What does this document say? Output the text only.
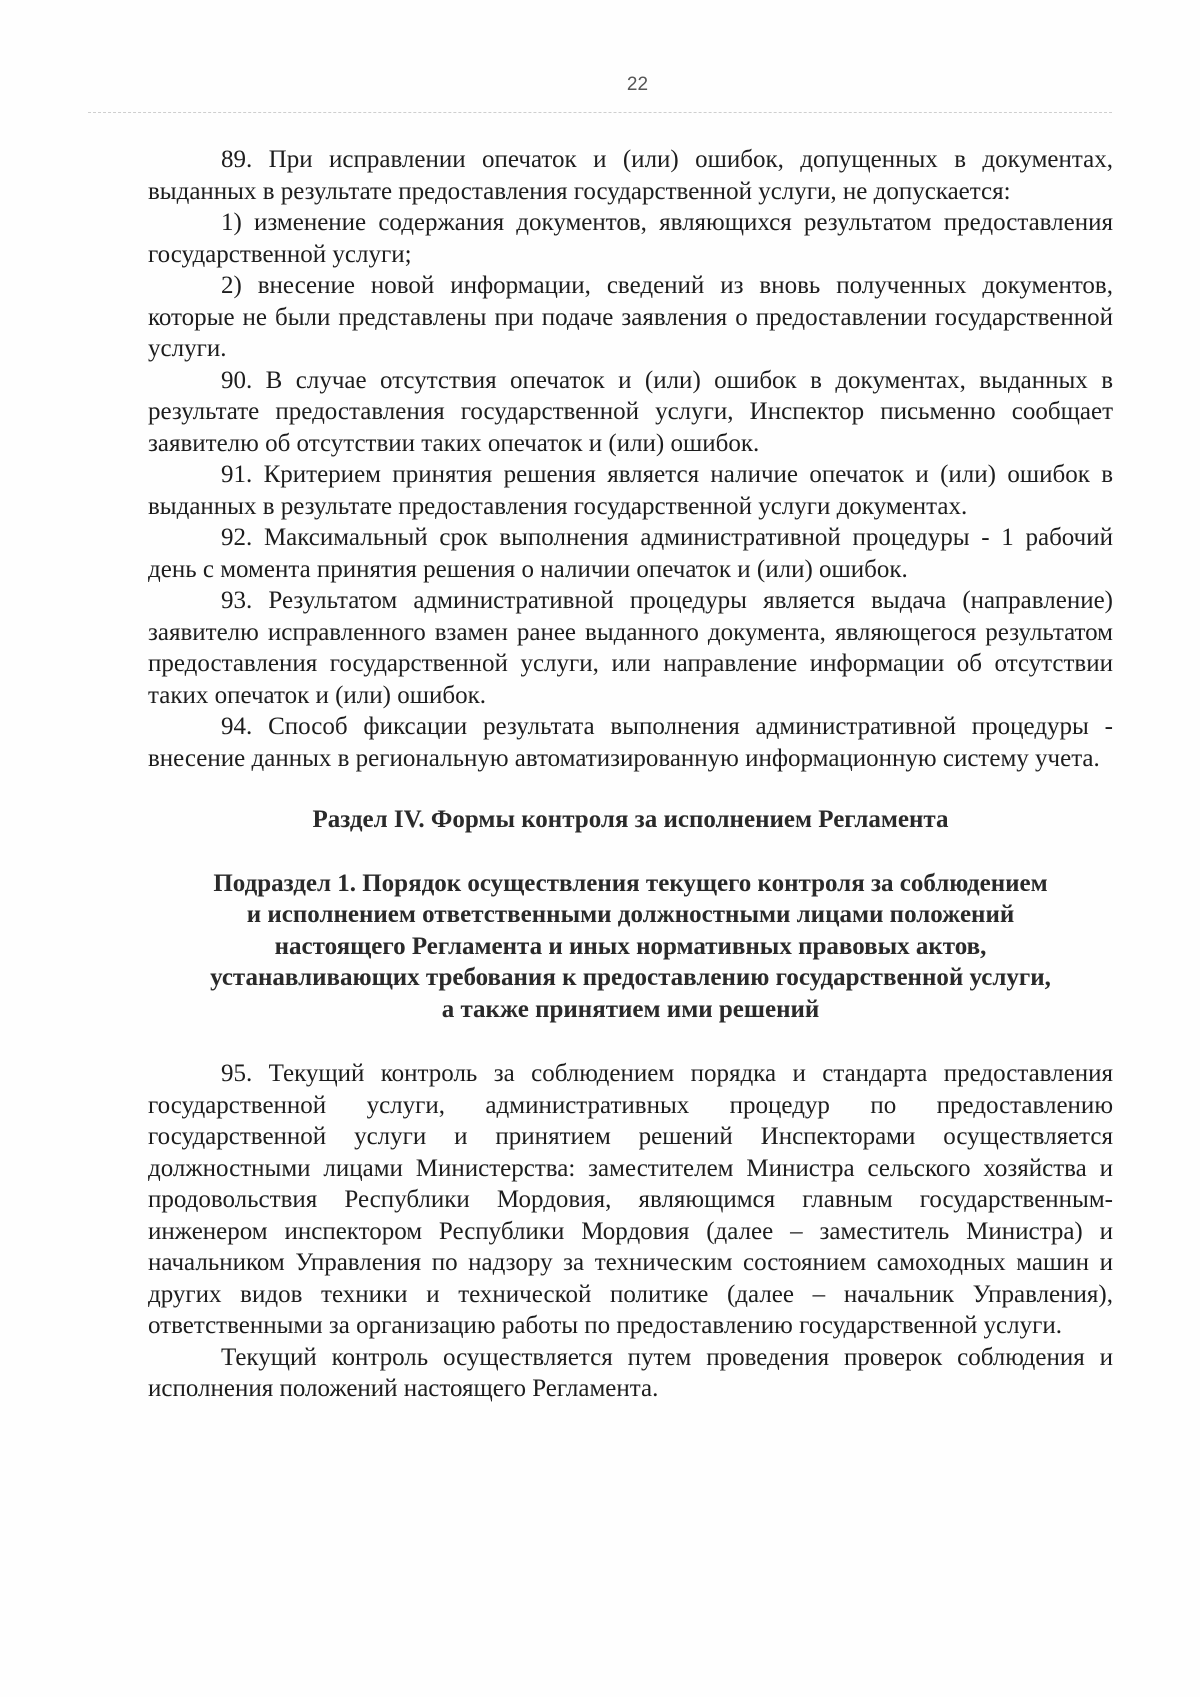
22

89. При исправлении опечаток и (или) ошибок, допущенных в документах, выданных в результате предоставления государственной услуги, не допускается:

1) изменение содержания документов, являющихся результатом предоставления государственной услуги;

2) внесение новой информации, сведений из вновь полученных документов, которые не были представлены при подаче заявления о предоставлении государственной услуги.

90. В случае отсутствия опечаток и (или) ошибок в документах, выданных в результате предоставления государственной услуги, Инспектор письменно сообщает заявителю об отсутствии таких опечаток и (или) ошибок.

91. Критерием принятия решения является наличие опечаток и (или) ошибок в выданных в результате предоставления государственной услуги документах.

92. Максимальный срок выполнения административной процедуры - 1 рабочий день с момента принятия решения о наличии опечаток и (или) ошибок.

93. Результатом административной процедуры является выдача (направление) заявителю исправленного взамен ранее выданного документа, являющегося результатом предоставления государственной услуги, или направление информации об отсутствии таких опечаток и (или) ошибок.

94. Способ фиксации результата выполнения административной процедуры - внесение данных в региональную автоматизированную информационную систему учета.

Раздел IV. Формы контроля за исполнением Регламента
Подраздел 1. Порядок осуществления текущего контроля за соблюдением
и исполнением ответственными должностными лицами положений
настоящего Регламента и иных нормативных правовых актов,
устанавливающих требования к предоставлению государственной услуги,
а также принятием ими решений

95. Текущий контроль за соблюдением порядка и стандарта предоставления государственной услуги, административных процедур по предоставлению государственной услуги и принятием решений Инспекторами осуществляется должностными лицами Министерства: заместителем Министра сельского хозяйства и продовольствия Республики Мордовия, являющимся главным государственным-инженером инспектором Республики Мордовия (далее – заместитель Министра) и начальником Управления по надзору за техническим состоянием самоходных машин и других видов техники и технической политике (далее – начальник Управления), ответственными за организацию работы по предоставлению государственной услуги.

Текущий контроль осуществляется путем проведения проверок соблюдения и исполнения положений настоящего Регламента.
